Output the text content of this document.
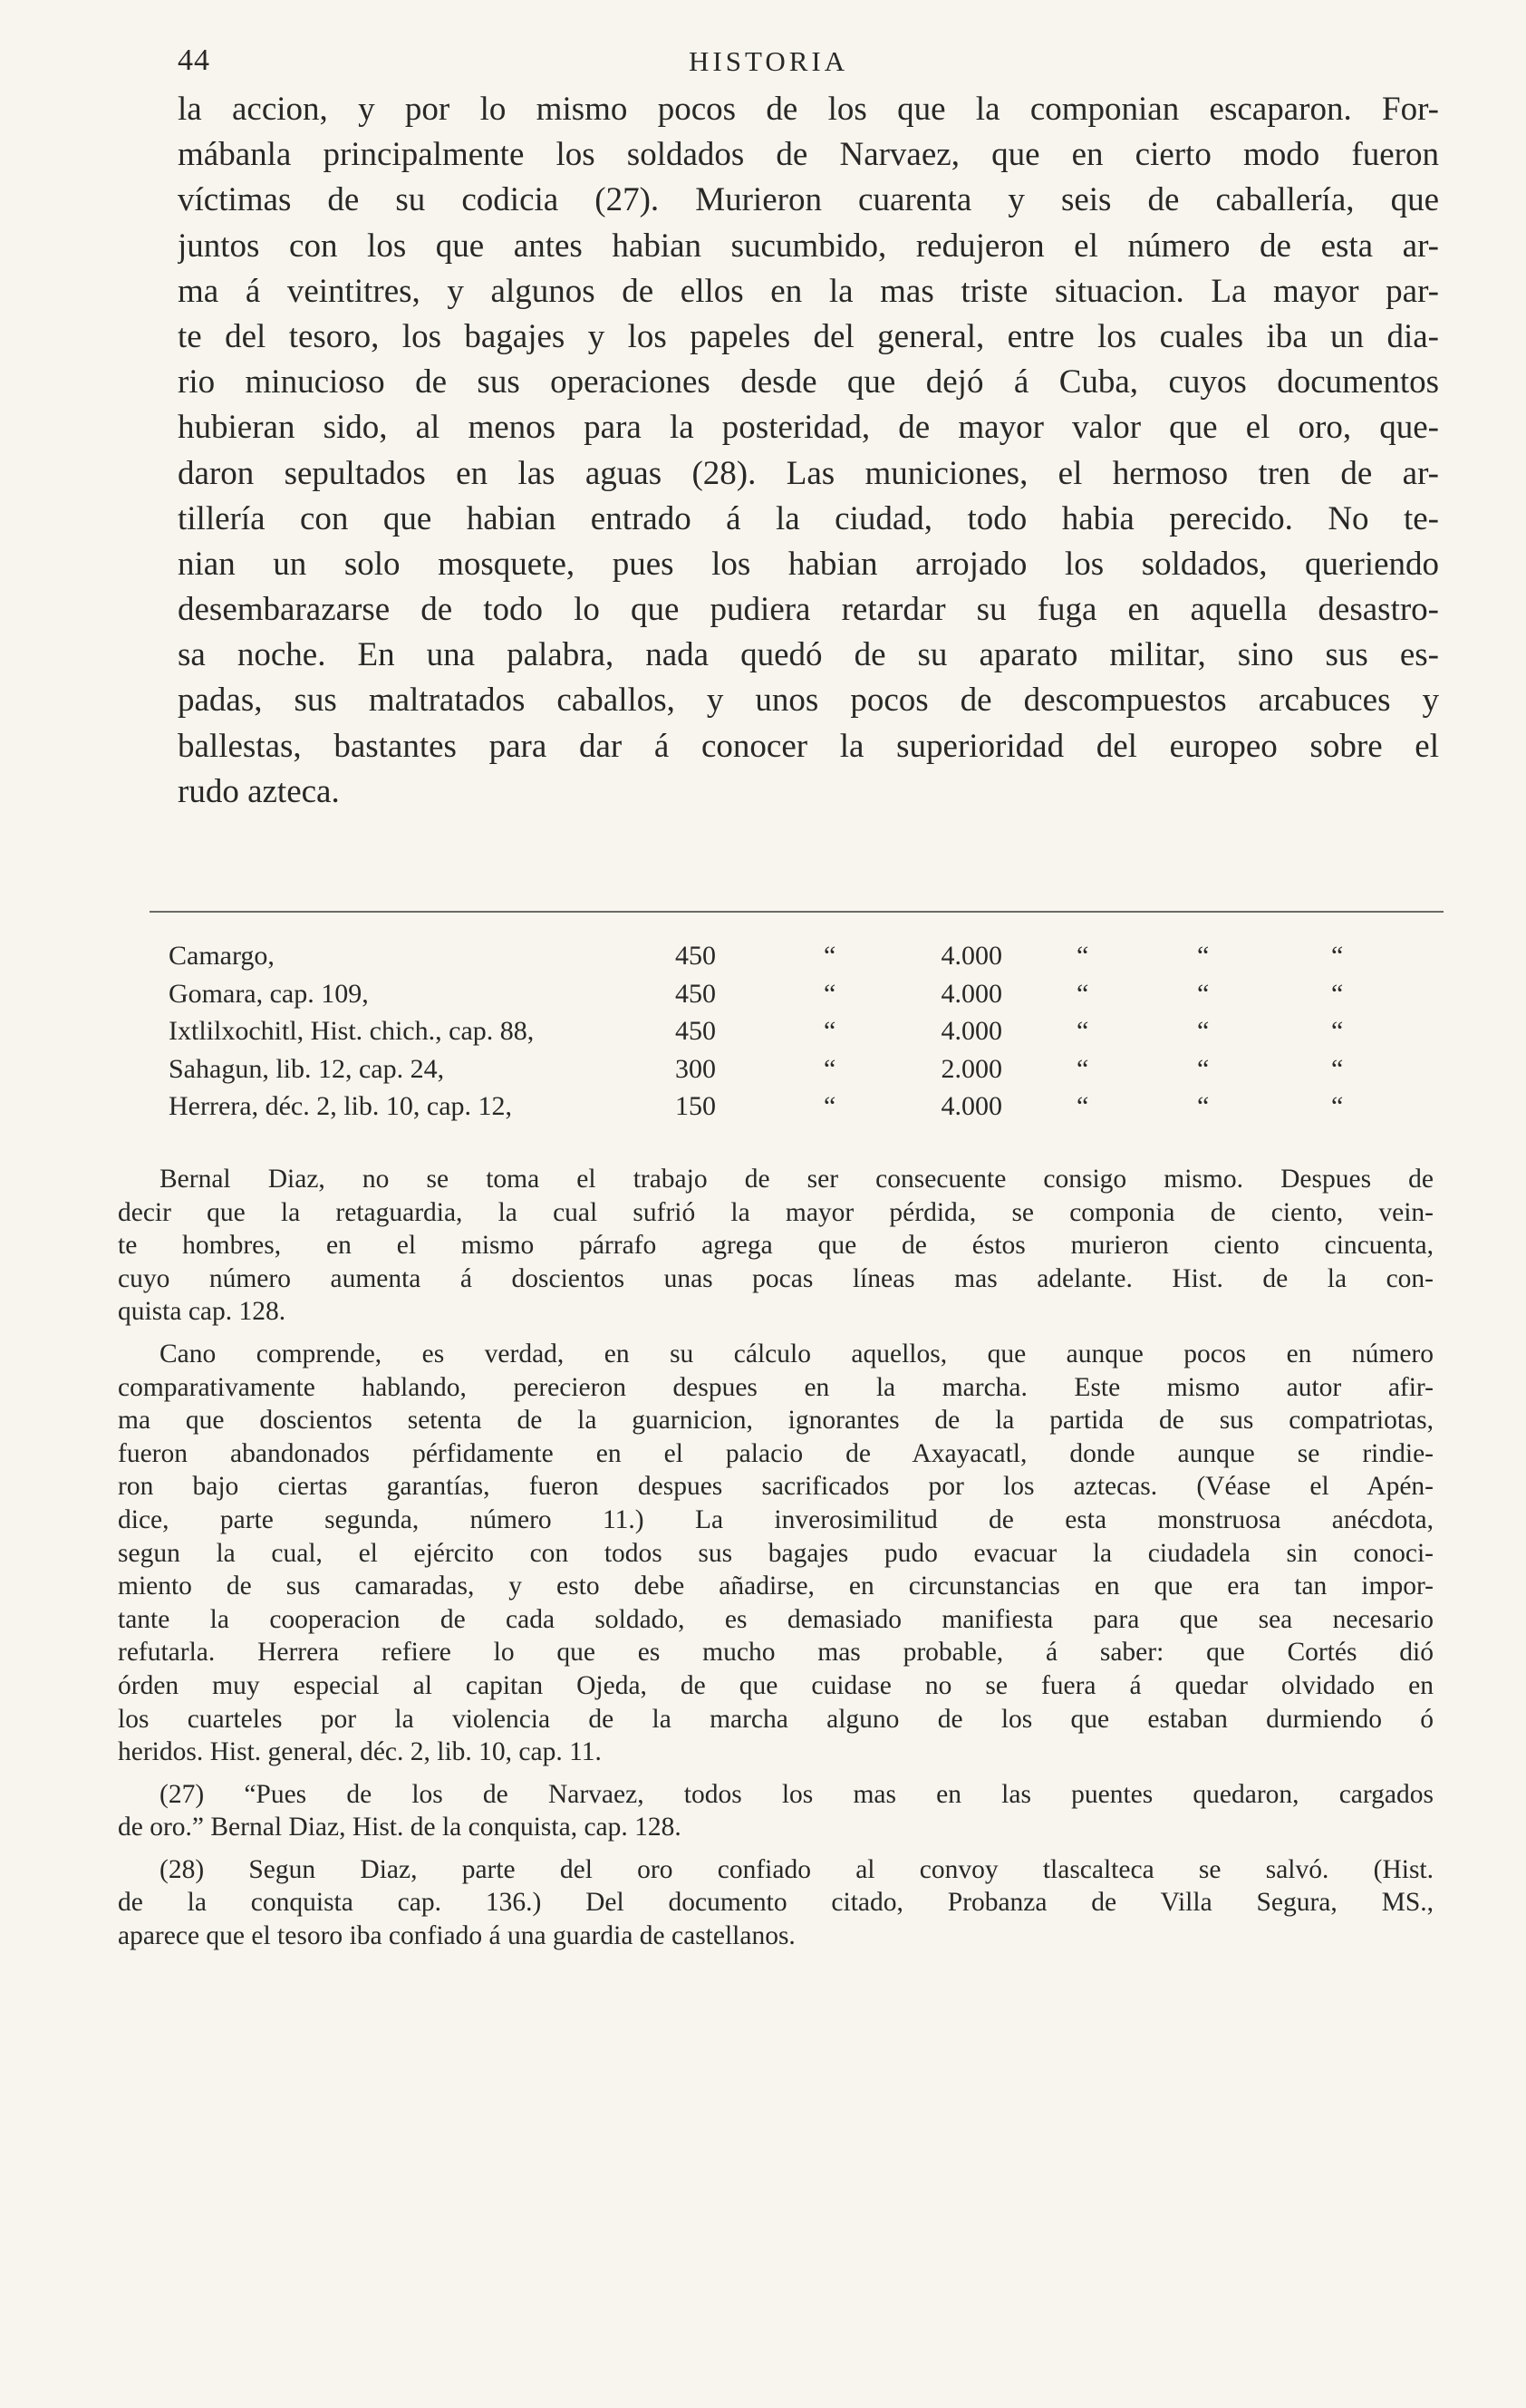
44	HISTORIA
la accion, y por lo mismo pocos de los que la componian escaparon. For-
mábanla principalmente los soldados de Narvaez, que en cierto modo fueron
víctimas de su codicia (27). Murieron cuarenta y seis de caballería, que
juntos con los que antes habian sucumbido, redujeron el número de esta ar-
ma á veintitres, y algunos de ellos en la mas triste situacion. La mayor par-
te del tesoro, los bagajes y los papeles del general, entre los cuales iba un dia-
rio minucioso de sus operaciones desde que dejó á Cuba, cuyos documentos
hubieran sido, al menos para la posteridad, de mayor valor que el oro, que-
daron sepultados en las aguas (28). Las municiones, el hermoso tren de ar-
tillería con que habian entrado á la ciudad, todo habia perecido. No te-
nian un solo mosquete, pues los habian arrojado los soldados, queriendo
desembarazarse de todo lo que pudiera retardar su fuga en aquella desastro-
sa noche. En una palabra, nada quedó de su aparato militar, sino sus es-
padas, sus maltratados caballos, y unos pocos de descompuestos arcabuces y
ballestas, bastantes para dar á conocer la superioridad del europeo sobre el
rudo azteca.
Camargo,	450	“	4.000	“	“	“
Gomara, cap. 109,	450	“	4.000	“	“	“
Ixtlilxochitl, Hist. chich., cap. 88,	450	“	4.000	“	“	“
Sahagun, lib. 12, cap. 24,	300	“	2.000	“	“	“
Herrera, déc. 2, lib. 10, cap. 12,	150	“	4.000	“	“	“
Bernal Diaz, no se toma el trabajo de ser consecuente consigo mismo. Despues de
decir que la retaguardia, la cual sufrió la mayor pérdida, se componia de ciento, vein-
te hombres, en el mismo párrafo agrega que de éstos murieron ciento cincuenta,
cuyo número aumenta á doscientos unas pocas líneas mas adelante. Hist. de la con-
quista cap. 128.
Cano comprende, es verdad, en su cálculo aquellos, que aunque pocos en número
comparativamente hablando, perecieron despues en la marcha. Este mismo autor afir-
ma que doscientos setenta de la guarnicion, ignorantes de la partida de sus compatriotas,
fueron abandonados pérfidamente en el palacio de Axayacatl, donde aunque se rindie-
ron bajo ciertas garantías, fueron despues sacrificados por los aztecas. (Véase el Apén-
dice, parte segunda, número 11.) La inverosimilitud de esta monstruosa anécdota,
segun la cual, el ejército con todos sus bagajes pudo evacuar la ciudadela sin conoci-
miento de sus camaradas, y esto debe añadirse, en circunstancias en que era tan impor-
tante la cooperacion de cada soldado, es demasiado manifiesta para que sea necesario
refutarla. Herrera refiere lo que es mucho mas probable, á saber: que Cortés dió
órden muy especial al capitan Ojeda, de que cuidase no se fuera á quedar olvidado en
los cuarteles por la violencia de la marcha alguno de los que estaban durmiendo ó
heridos. Hist. general, déc. 2, lib. 10, cap. 11.
(27) “Pues de los de Narvaez, todos los mas en las puentes quedaron, cargados
de oro.” Bernal Diaz, Hist. de la conquista, cap. 128.
(28) Segun Diaz, parte del oro confiado al convoy tlascalteca se salvó. (Hist.
de la conquista cap. 136.) Del documento citado, Probanza de Villa Segura, MS.,
aparece que el tesoro iba confiado á una guardia de castellanos.
